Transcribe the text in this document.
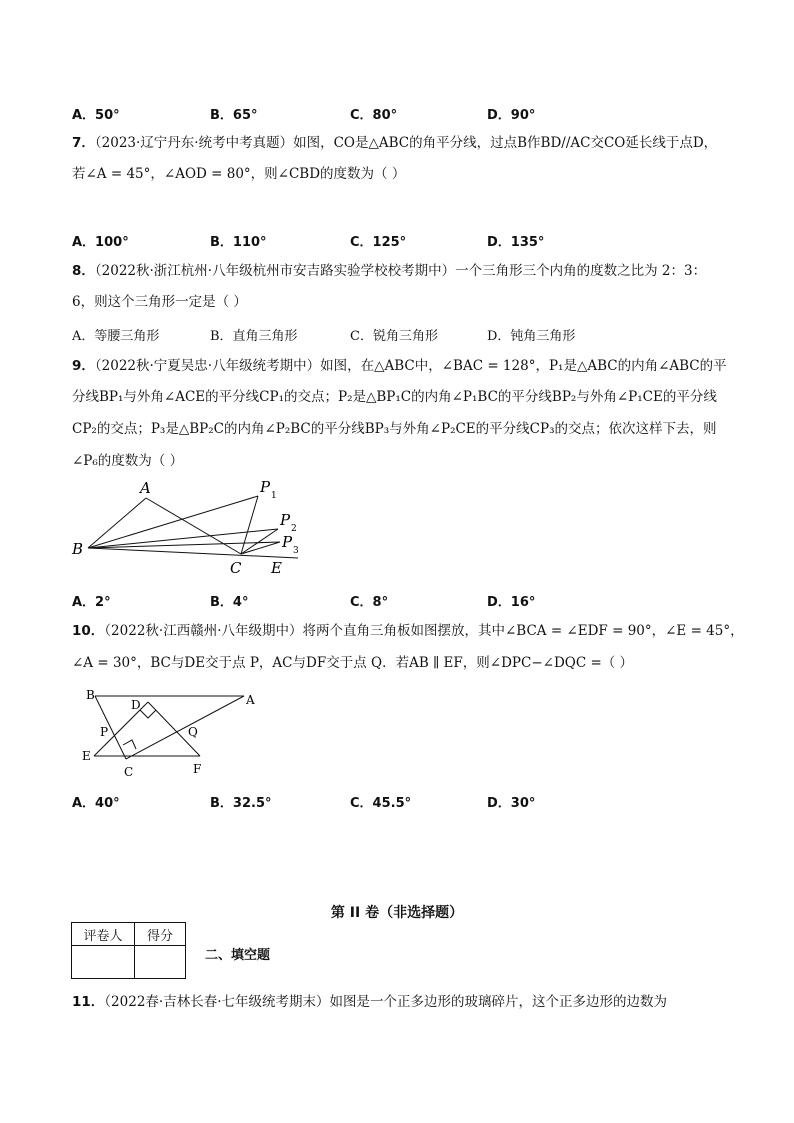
A．50°	B．65°	C．80°	D．90°
7．（2023·辽宁丹东·统考中考真题）如图，CO是△ABC的角平分线，过点B作BD//AC交CO延长线于点D，
若∠A = 45°，∠AOD = 80°，则∠CBD的度数为（ ）
A．100°	B．110°	C．125°	D．135°
8．（2022秋·浙江杭州·八年级杭州市安吉路实验学校校考期中）一个三角形三个内角的度数之比为 2：3：
6，则这个三角形一定是（ ）
A．等腰三角形	B．直角三角形	C．锐角三角形	D．钝角三角形
9．（2022秋·宁夏吴忠·八年级统考期中）如图，在△ABC中，∠BAC = 128°，P₁是△ABC的内角∠ABC的平
分线BP₁与外角∠ACE的平分线CP₁的交点；P₂是△BP₁C的内角∠P₁BC的平分线BP₂与外角∠P₁CE的平分线
CP₂的交点；P₃是△BP₂C的内角∠P₂BC的平分线BP₃与外角∠P₂CE的平分线CP₃的交点；依次这样下去，则
∠P₆的度数为（ ）
A
B
C E
P 1
P 2
P 3
A．2°	B．4°	C．8°	D．16°
10．（2022秋·江西赣州·八年级期中）将两个直角三角板如图摆放，其中∠BCA = ∠EDF = 90°，∠E = 45°，
∠A = 30°，BC与DE交于点 P，AC与DF交于点 Q．若AB ∥ EF，则∠DPC−∠DQC =（ ）
B	A
D
P	Q
E
C	F
A．40°	B．32.5°	C．45.5°	D．30°
第 II 卷（非选择题）
评卷人	得分

二、填空题
11．（2022春·吉林长春·七年级统考期末）如图是一个正多边形的玻璃碎片，这个正多边形的边数为
